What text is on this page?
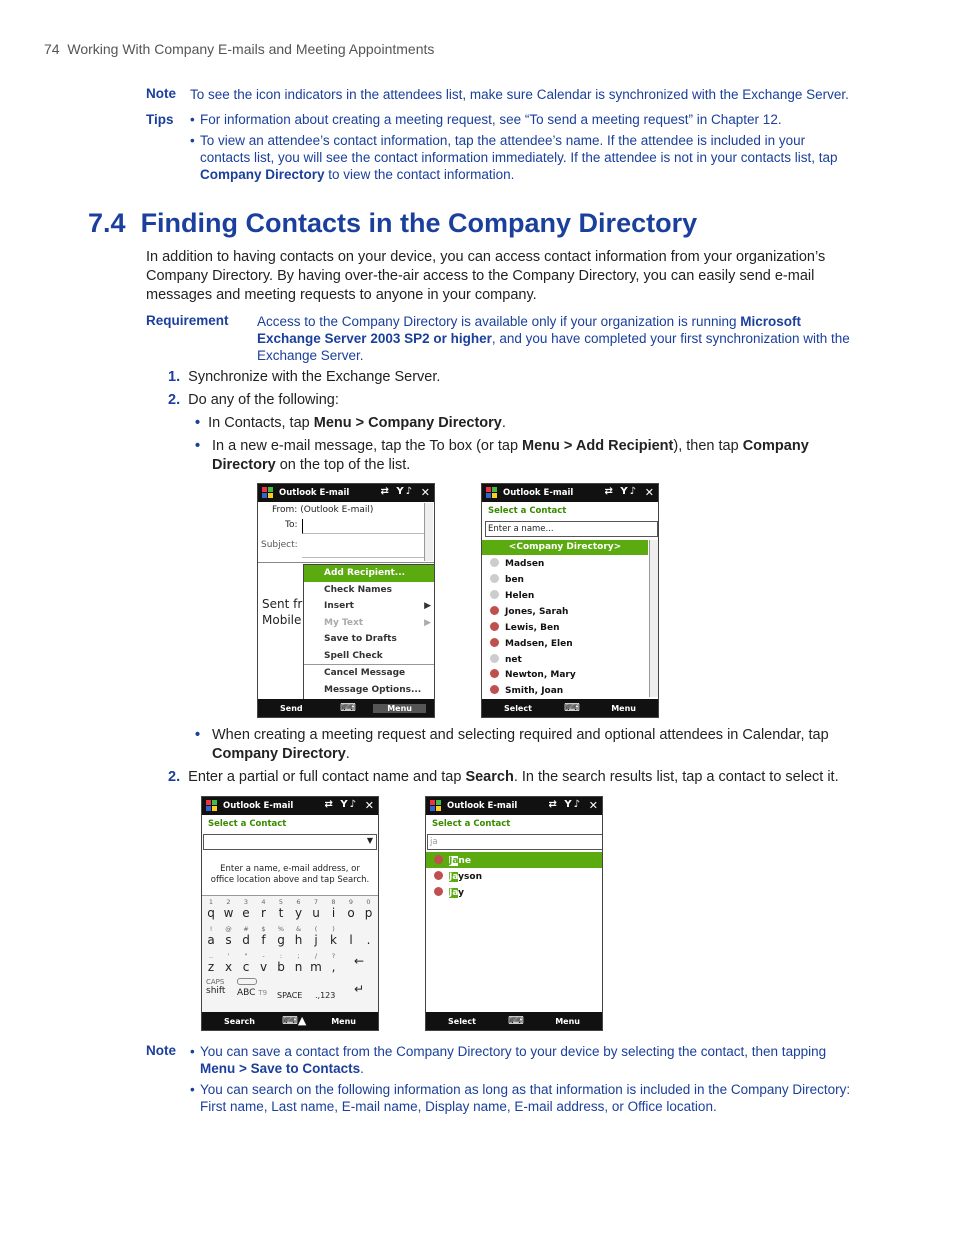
74 Working With Company E-mails and Meeting Appointments
Note To see the icon indicators in the attendees list, make sure Calendar is synchronized with the Exchange Server.
Tips	• For information about creating a meeting request, see “To send a meeting request” in Chapter 12.
• To view an attendee’s contact information, tap the attendee’s name. If the attendee is included in your contacts list, you will see the contact information immediately. If the attendee is not in your contacts list, tap Company Directory to view the contact information.
7.4 Finding Contacts in the Company Directory
In addition to having contacts on your device, you can access contact information from your organization’s Company Directory. By having over-the-air access to the Company Directory, you can easily send e-mail messages and meeting requests to anyone in your company.
Requirement Access to the Company Directory is available only if your organization is running Microsoft Exchange Server 2003 SP2 or higher, and you have completed your first synchronization with the Exchange Server.
1. Synchronize with the Exchange Server.
2. Do any of the following:
• In Contacts, tap Menu > Company Directory.
• In a new e-mail message, tap the To box (or tap Menu > Add Recipient), then tap Company Directory on the top of the list.
Outlook E-mail	⇄ Y♪ ✕
From: (Outlook E-mail)
To:
Subject:
Sent fr
Mobile
Add Recipient...
Check Names
Insert	▶
My Text	▶
Save to Drafts
Spell Check
Cancel Message
Message Options...
Send	⌨	Menu
Outlook E-mail	⇄ Y♪ ✕
Select a Contact
Enter a name...
<Company Directory>
Madsen
ben
Helen
Jones, Sarah
Lewis, Ben
Madsen, Elen
net
Newton, Mary
Smith, Joan
Select	⌨	Menu
• When creating a meeting request and selecting required and optional attendees in Calendar, tap Company Directory.
2. Enter a partial or full contact name and tap Search. In the search results list, tap a contact to select it.
Outlook E-mail	⇄ Y♪ ✕
Select a Contact
▼
Enter a name, e-mail address, or office location above and tap Search.
1
q
2
w
3
e
4
r
5
t
6
y
7
u
8
i
9
o
0
p
!
a
@
s
#
d
$
f
%
g
&
h
(
j
)
k	l	.
..
z
'
x
"
c
-
v
:
b
;
n
/
m
?
,
CAPS
shift ABC T9 SPACE .,123
←
↵
Search ⌨▲	Menu
Outlook E-mail	⇄ Y♪ ✕
Select a Contact
ja
Jane
Jayson
Jay
Select	⌨	Menu
Note	• You can save a contact from the Company Directory to your device by selecting the contact, then tapping Menu > Save to Contacts.
• You can search on the following information as long as that information is included in the Company Directory: First name, Last name, E-mail name, Display name, E-mail address, or Office location.
